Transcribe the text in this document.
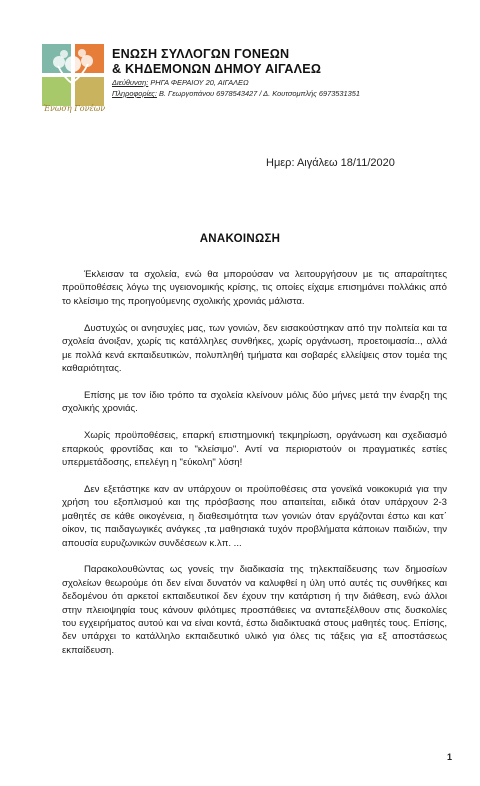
Ένωση Γονέων
ΕΝΩΣΗ ΣΥΛΛΟΓΩΝ ΓΟΝΕΩΝ
& ΚΗΔΕΜΟΝΩΝ ΔΗΜΟΥ ΑΙΓΑΛΕΩ
Διεύθυνση: ΡΗΓΑ ΦΕΡΑΙΟΥ 20, ΑΙΓΑΛΕΩ
Πληροφορίες: Β. Γεωργοπάνου 6978543427 / Δ. Κουτσομπλής 6973531351
Ημερ: Αιγάλεω 18/11/2020
ΑΝΑΚΟΙΝΩΣΗ

Έκλεισαν τα σχολεία, ενώ θα μπορούσαν να λειτουργήσουν με τις απαραίτητες προϋποθέσεις λόγω της υγειονομικής κρίσης, τις οποίες είχαμε επισημάνει πολλάκις από το κλείσιμο της προηγούμενης σχολικής χρονιάς μάλιστα.

Δυστυχώς οι ανησυχίες μας, των γονιών, δεν εισακούστηκαν από την πολιτεία και τα σχολεία άνοιξαν, χωρίς τις κατάλληλες συνθήκες, χωρίς οργάνωση, προετοιμασία.., αλλά με πολλά κενά εκπαιδευτικών, πολυπληθή τμήματα και σοβαρές ελλείψεις στον τομέα της καθαριότητας.

Επίσης με τον ίδιο τρόπο τα σχολεία κλείνουν μόλις δύο μήνες μετά την έναρξη της σχολικής χρονιάς.

Χωρίς προϋποθέσεις, επαρκή επιστημονική τεκμηρίωση, οργάνωση και σχεδιασμό επαρκούς φροντίδας και το "κλείσιμο". Αντί να περιοριστούν οι πραγματικές εστίες υπερμετάδοσης, επελέγη η "εύκολη" λύση!

Δεν εξετάστηκε καν αν υπάρχουν οι προϋποθέσεις στα γονεϊκά νοικοκυριά για την χρήση του εξοπλισμού και της πρόσβασης που απαιτείται, ειδικά όταν υπάρχουν 2-3 μαθητές σε κάθε οικογένεια, η διαθεσιμότητα των γονιών όταν εργάζονται έστω και κατ΄ οίκον, τις παιδαγωγικές ανάγκες ,τα μαθησιακά τυχόν προβλήματα κάποιων παιδιών, την απουσία ευρυζωνικών συνδέσεων κ.λπ. ...

Παρακολουθώντας ως γονείς την διαδικασία της τηλεκπαίδευσης των δημοσίων σχολείων θεωρούμε ότι δεν είναι δυνατόν να καλυφθεί η ύλη υπό αυτές τις συνθήκες και δεδομένου ότι αρκετοί εκπαιδευτικοί δεν έχουν την κατάρτιση ή την διάθεση, ενώ άλλοι στην πλειοψηφία τους κάνουν φιλότιμες προσπάθειες να ανταπεξέλθουν στις δυσκολίες του εγχειρήματος αυτού και να είναι κοντά, έστω διαδικτυακά στους μαθητές τους. Επίσης, δεν υπάρχει το κατάλληλο εκπαιδευτικό υλικό για όλες τις τάξεις για εξ αποστάσεως εκπαίδευση.

1
